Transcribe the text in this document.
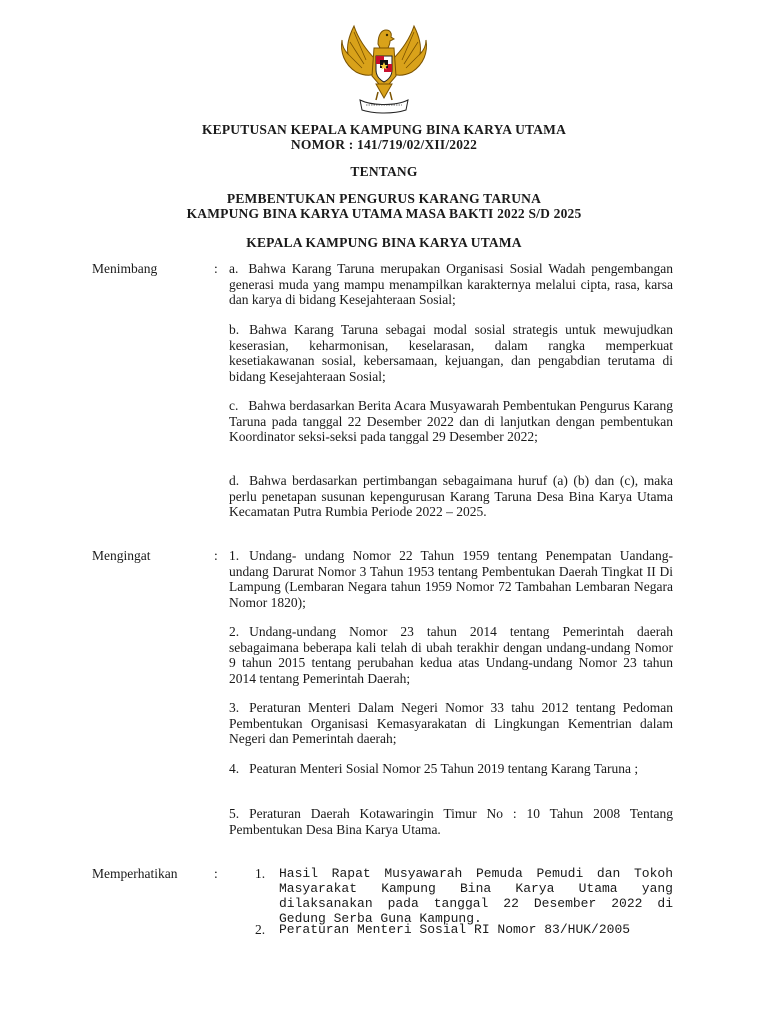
KEPUTUSAN KEPALA KAMPUNG BINA KARYA UTAMA
NOMOR : 141/719/02/XII/2022
TENTANG
PEMBENTUKAN PENGURUS KARANG TARUNA
KAMPUNG BINA KARYA UTAMA MASA BAKTI 2022 S/D 2025
KEPALA KAMPUNG BINA KARYA UTAMA
Menimbang	: a. Bahwa Karang Taruna merupakan Organisasi Sosial Wadah pengembangan generasi muda yang mampu menampilkan karakternya melalui cipta, rasa, karsa dan karya di bidang Kesejahteraan Sosial;
b. Bahwa Karang Taruna sebagai modal sosial strategis untuk mewujudkan keserasian, keharmonisan, keselarasan, dalam rangka memperkuat kesetiakawanan sosial, kebersamaan, kejuangan, dan pengabdian terutama di bidang Kesejahteraan Sosial;
c. Bahwa berdasarkan Berita Acara Musyawarah Pembentukan Pengurus Karang Taruna pada tanggal 22 Desember 2022 dan di lanjutkan dengan pembentukan Koordinator seksi-seksi pada tanggal 29 Desember 2022;
d. Bahwa berdasarkan pertimbangan sebagaimana huruf (a) (b) dan (c), maka perlu penetapan susunan kepengurusan Karang Taruna Desa Bina Karya Utama Kecamatan Putra Rumbia Periode 2022 – 2025.
Mengingat	: 1. Undang- undang Nomor 22 Tahun 1959 tentang Penempatan Uandang-undang Darurat Nomor 3 Tahun 1953 tentang Pembentukan Daerah Tingkat II Di Lampung (Lembaran Negara tahun 1959 Nomor 72 Tambahan Lembaran Negara Nomor 1820);
2. Undang-undang Nomor 23 tahun 2014 tentang Pemerintah daerah sebagaimana beberapa kali telah di ubah terakhir dengan undang-undang Nomor 9 tahun 2015 tentang perubahan kedua atas Undang-undang Nomor 23 tahun 2014 tentang Pemerintah Daerah;
3. Peraturan Menteri Dalam Negeri Nomor 33 tahu 2012 tentang Pedoman Pembentukan Organisasi Kemasyarakatan di Lingkungan Kementrian dalam Negeri dan Pemerintah daerah;
4. Peaturan Menteri Sosial Nomor 25 Tahun 2019 tentang Karang Taruna ;
5. Peraturan Daerah Kotawaringin Timur No : 10 Tahun 2008 Tentang Pembentukan Desa Bina Karya Utama.
Memperhatikan	:	1. Hasil Rapat Musyawarah Pemuda Pemudi dan Tokoh Masyarakat Kampung Bina Karya Utama yang dilaksanakan pada tanggal 22 Desember 2022 di Gedung Serba Guna Kampung.
2. Peraturan Menteri Sosial RI Nomor 83/HUK/2005
